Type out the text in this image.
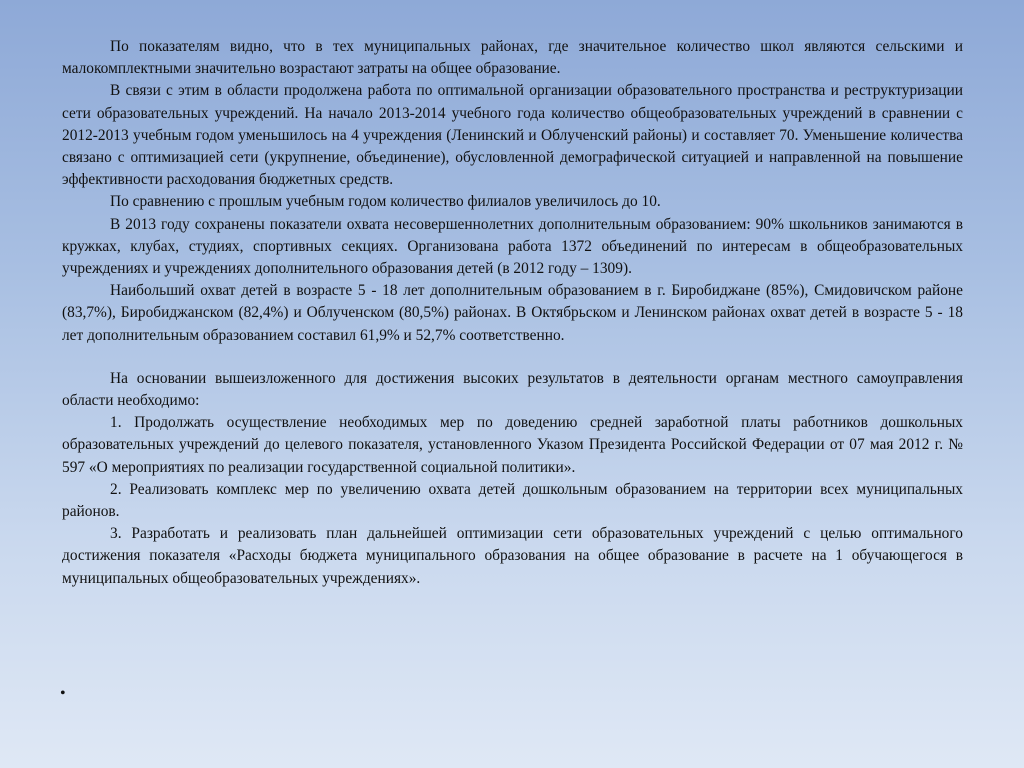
По показателям видно, что в тех муниципальных районах, где значительное количество школ являются сельскими и малокомплектными значительно возрастают затраты на общее образование.

В связи с этим в области продолжена работа по оптимальной организации образовательного пространства и реструктуризации сети образовательных учреждений. На начало 2013-2014 учебного года количество общеобразовательных учреждений в сравнении с 2012-2013 учебным годом уменьшилось на 4 учреждения (Ленинский и Облученский районы) и составляет 70. Уменьшение количества связано с оптимизацией сети (укрупнение, объединение), обусловленной демографической ситуацией и направленной на повышение эффективности расходования бюджетных средств.

По сравнению с прошлым учебным годом количество филиалов увеличилось до 10.

В 2013 году сохранены показатели охвата несовершеннолетних дополнительным образованием: 90% школьников занимаются в кружках, клубах, студиях, спортивных секциях. Организована работа 1372 объединений по интересам в общеобразовательных учреждениях и учреждениях дополнительного образования детей (в 2012 году – 1309).

Наибольший охват детей в возрасте 5 - 18 лет дополнительным образованием в г. Биробиджане (85%), Смидовичском районе (83,7%), Биробиджанском (82,4%) и Облученском (80,5%) районах. В Октябрьском и Ленинском районах охват детей в возрасте 5 - 18 лет дополнительным образованием составил 61,9% и 52,7% соответственно.

На основании вышеизложенного для достижения высоких результатов в деятельности органам местного самоуправления области необходимо:

1. Продолжать осуществление необходимых мер по доведению средней заработной платы работников дошкольных образовательных учреждений до целевого показателя, установленного Указом Президента Российской Федерации от 07 мая 2012 г. № 597 «О мероприятиях по реализации государственной социальной политики».

2. Реализовать комплекс мер по увеличению охвата детей дошкольным образованием на территории всех муниципальных районов.

3. Разработать и реализовать план дальнейшей оптимизации сети образовательных учреждений с целью оптимального достижения показателя «Расходы бюджета муниципального образования на общее образование в расчете на 1 обучающегося в муниципальных общеобразовательных учреждениях».

•
